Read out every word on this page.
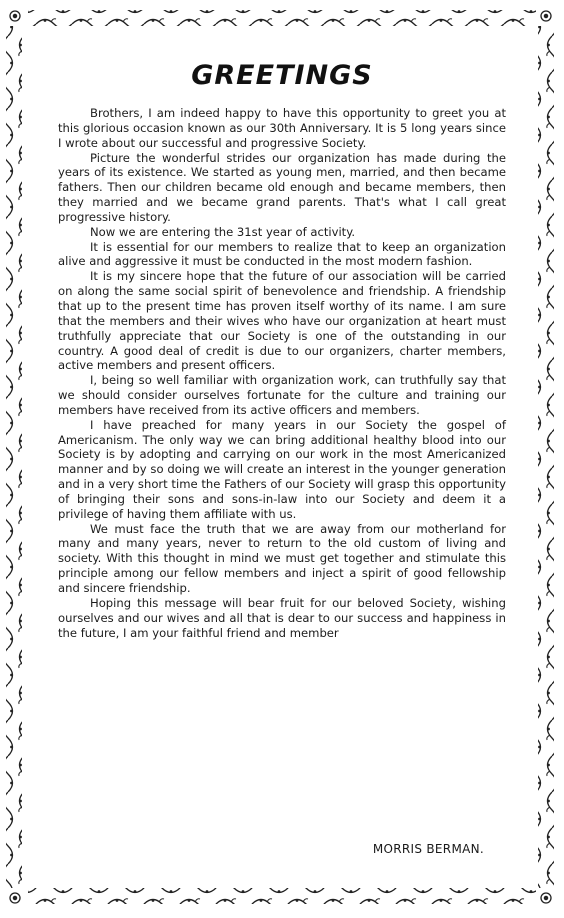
GREETINGS

Brothers, I am indeed happy to have this opportunity to greet you at this glorious occasion known as our 30th Anniversary. It is 5 long years since I wrote about our successful and progressive Society.

Picture the wonderful strides our organization has made during the years of its existence. We started as young men, married, and then became fathers. Then our children became old enough and became members, then they married and we became grand parents. That's what I call great progressive history.

Now we are entering the 31st year of activity.

It is essential for our members to realize that to keep an organization alive and aggressive it must be conducted in the most modern fashion.

It is my sincere hope that the future of our association will be carried on along the same social spirit of benevolence and friendship. A friendship that up to the present time has proven itself worthy of its name. I am sure that the members and their wives who have our organization at heart must truthfully appreciate that our Society is one of the outstanding in our country. A good deal of credit is due to our organizers, charter members, active members and present officers.

I, being so well familiar with organization work, can truthfully say that we should consider ourselves fortunate for the culture and training our members have received from its active officers and members.

I have preached for many years in our Society the gospel of Americanism. The only way we can bring additional healthy blood into our Society is by adopting and carrying on our work in the most Americanized manner and by so doing we will create an interest in the younger generation and in a very short time the Fathers of our Society will grasp this opportunity of bringing their sons and sons-in-law into our Society and deem it a privilege of having them affiliate with us.

We must face the truth that we are away from our motherland for many and many years, never to return to the old custom of living and society. With this thought in mind we must get together and stimulate this principle among our fellow members and inject a spirit of good fellowship and sincere friendship.

Hoping this message will bear fruit for our beloved Society, wishing ourselves and our wives and all that is dear to our success and happiness in the future, I am your faithful friend and member

MORRIS BERMAN.
